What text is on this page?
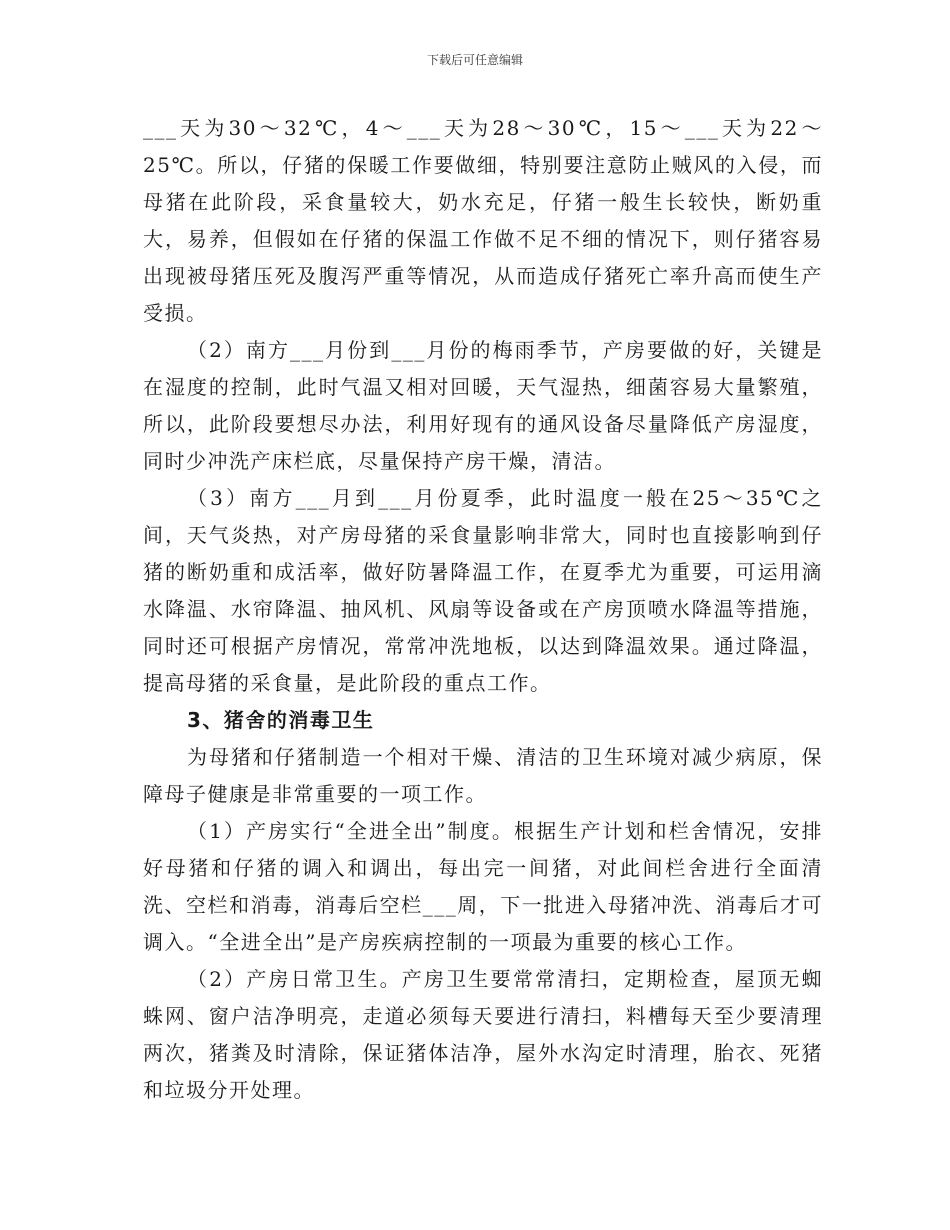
下载后可任意编辑

___天为30～32℃，4～___天为28～30℃，15～___天为22～25℃。所以，仔猪的保暖工作要做细，特别要注意防止贼风的入侵，而母猪在此阶段，采食量较大，奶水充足，仔猪一般生长较快，断奶重大，易养，但假如在仔猪的保温工作做不足不细的情况下，则仔猪容易出现被母猪压死及腹泻严重等情况，从而造成仔猪死亡率升高而使生产受损。

（2）南方___月份到___月份的梅雨季节，产房要做的好，关键是在湿度的控制，此时气温又相对回暖，天气湿热，细菌容易大量繁殖，所以，此阶段要想尽办法，利用好现有的通风设备尽量降低产房湿度，同时少冲洗产床栏底，尽量保持产房干燥，清洁。

（3）南方___月到___月份夏季，此时温度一般在25～35℃之间，天气炎热，对产房母猪的采食量影响非常大，同时也直接影响到仔猪的断奶重和成活率，做好防暑降温工作，在夏季尤为重要，可运用滴水降温、水帘降温、抽风机、风扇等设备或在产房顶喷水降温等措施，同时还可根据产房情况，常常冲洗地板，以达到降温效果。通过降温，提高母猪的采食量，是此阶段的重点工作。

3、猪舍的消毒卫生

为母猪和仔猪制造一个相对干燥、清洁的卫生环境对减少病原，保障母子健康是非常重要的一项工作。

（1）产房实行“全进全出”制度。根据生产计划和栏舍情况，安排好母猪和仔猪的调入和调出，每出完一间猪，对此间栏舍进行全面清洗、空栏和消毒，消毒后空栏___周，下一批进入母猪冲洗、消毒后才可调入。“全进全出”是产房疾病控制的一项最为重要的核心工作。

（2）产房日常卫生。产房卫生要常常清扫，定期检查，屋顶无蜘蛛网、窗户洁净明亮，走道必须每天要进行清扫，料槽每天至少要清理两次，猪粪及时清除，保证猪体洁净，屋外水沟定时清理，胎衣、死猪和垃圾分开处理。
